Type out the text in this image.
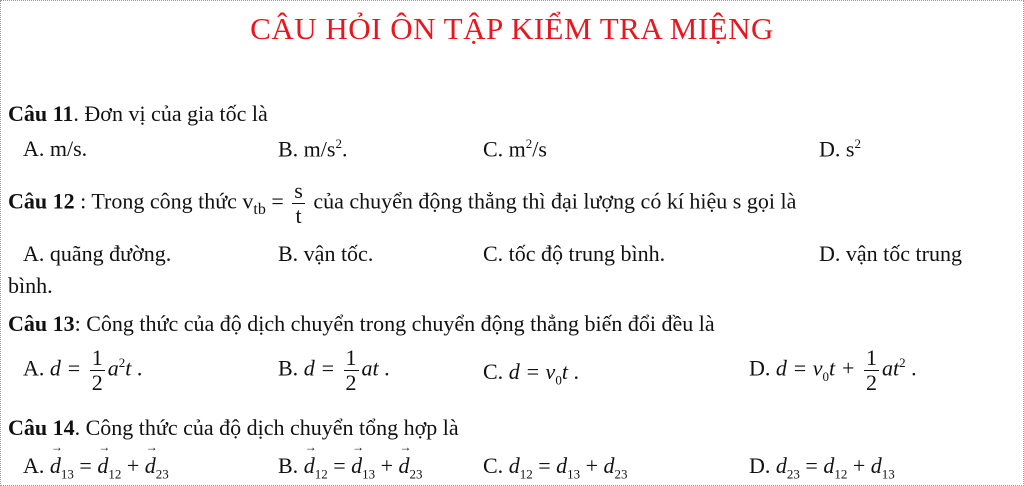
CÂU HỎI ÔN TẬP KIỂM TRA MIỆNG
Câu 11. Đơn vị của gia tốc là
A. m/s.	B. $m/s^2$.	C. $m^2/s$	D. $s^2$
Câu 12 : Trong công thức $v_{tb} = \frac{s}{t}$ của chuyển động thẳng thì đại lượng có kí hiệu s gọi là
A. quãng đường.	B. vận tốc.	C. tốc độ trung bình.	D. vận tốc trung
bình.
Câu 13: Công thức của độ dịch chuyển trong chuyển động thẳng biến đổi đều là
A. $d = \frac{1}{2} a^2t$ .	B. $d = \frac{1}{2}$ at .	C. $d = v_0t$ .	D. $d = v_0t + \frac{1}{2} at^2$ .
Câu 14. Công thức của độ dịch chuyển tổng hợp là
A. → $d_{13}$ = → $d_{12}$ + → $d_{23}$	B. → $d_{12}$ = → $d_{13}$ + → $d_{23}$	C. $d_{12} = d_{13} + d_{23}$	D. $d_{23} = d_{12} + d_{13}$
